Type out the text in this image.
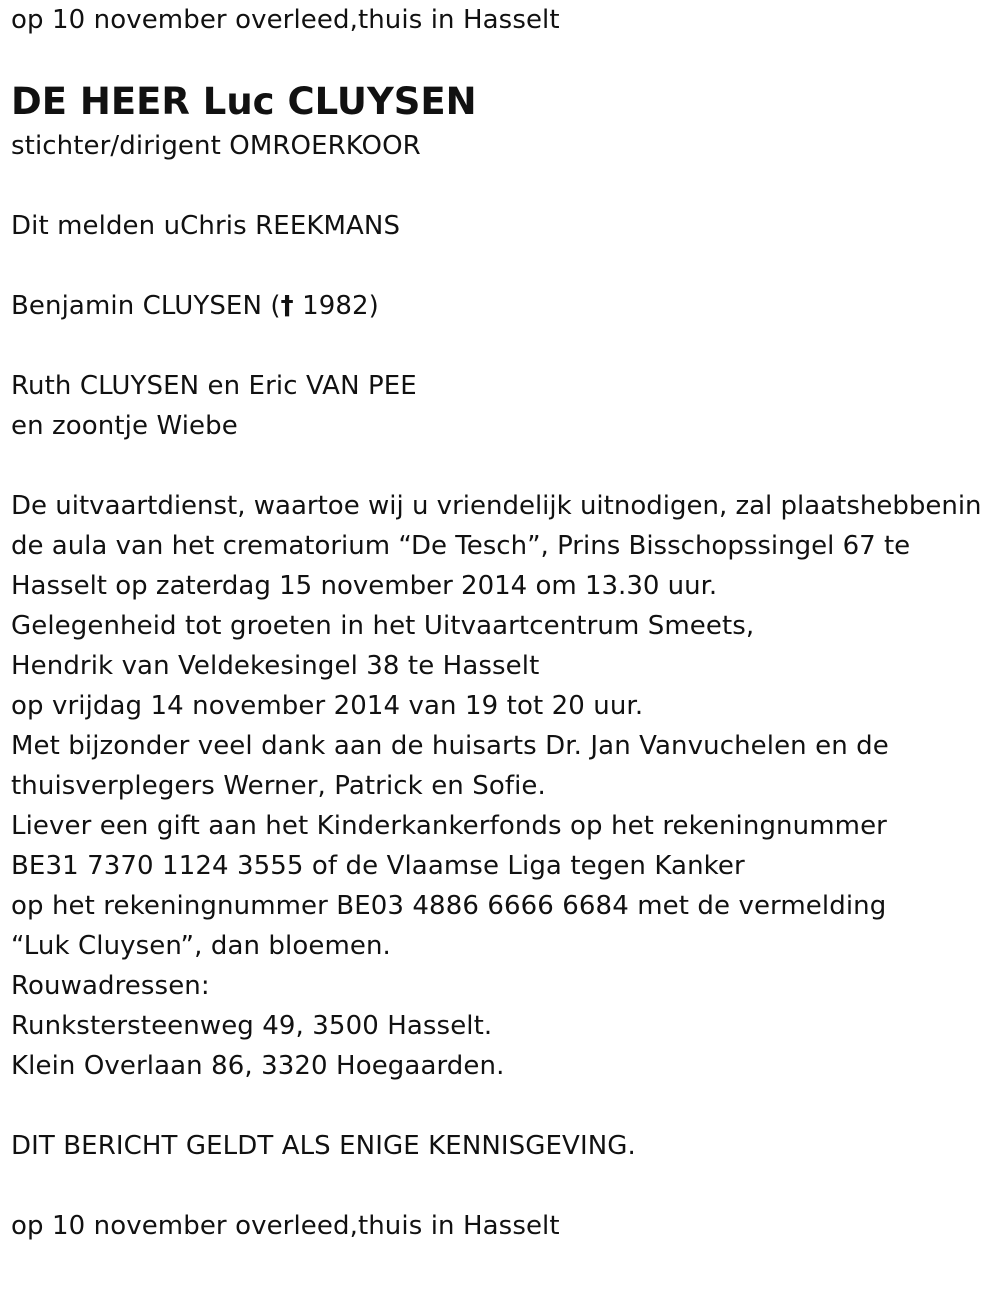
op 10 november overleed,thuis in Hasselt
DE HEER Luc CLUYSEN
stichter/dirigent OMROERKOOR
Dit melden uChris REEKMANS
Benjamin CLUYSEN († 1982)
Ruth CLUYSEN en Eric VAN PEE
en zoontje Wiebe
De uitvaartdienst, waartoe wij u vriendelijk uitnodigen, zal plaatshebbenin de aula van het crematorium “De Tesch”, Prins Bisschopssingel 67 te Hasselt op zaterdag 15 november 2014 om 13.30 uur.
Gelegenheid tot groeten in het Uitvaartcentrum Smeets,
Hendrik van Veldekesingel 38 te Hasselt
op vrijdag 14 november 2014 van 19 tot 20 uur.
Met bijzonder veel dank aan de huisarts Dr. Jan Vanvuchelen en de
thuisverplegers Werner, Patrick en Sofie.
Liever een gift aan het Kinderkankerfonds op het rekeningnummer
BE31 7370 1124 3555 of de Vlaamse Liga tegen Kanker
op het rekeningnummer BE03 4886 6666 6684 met de vermelding
“Luk Cluysen”, dan bloemen.
Rouwadressen:
Runkstersteenweg 49, 3500 Hasselt.
Klein Overlaan 86, 3320 Hoegaarden.
DIT BERICHT GELDT ALS ENIGE KENNISGEVING.
op 10 november overleed,thuis in Hasselt
